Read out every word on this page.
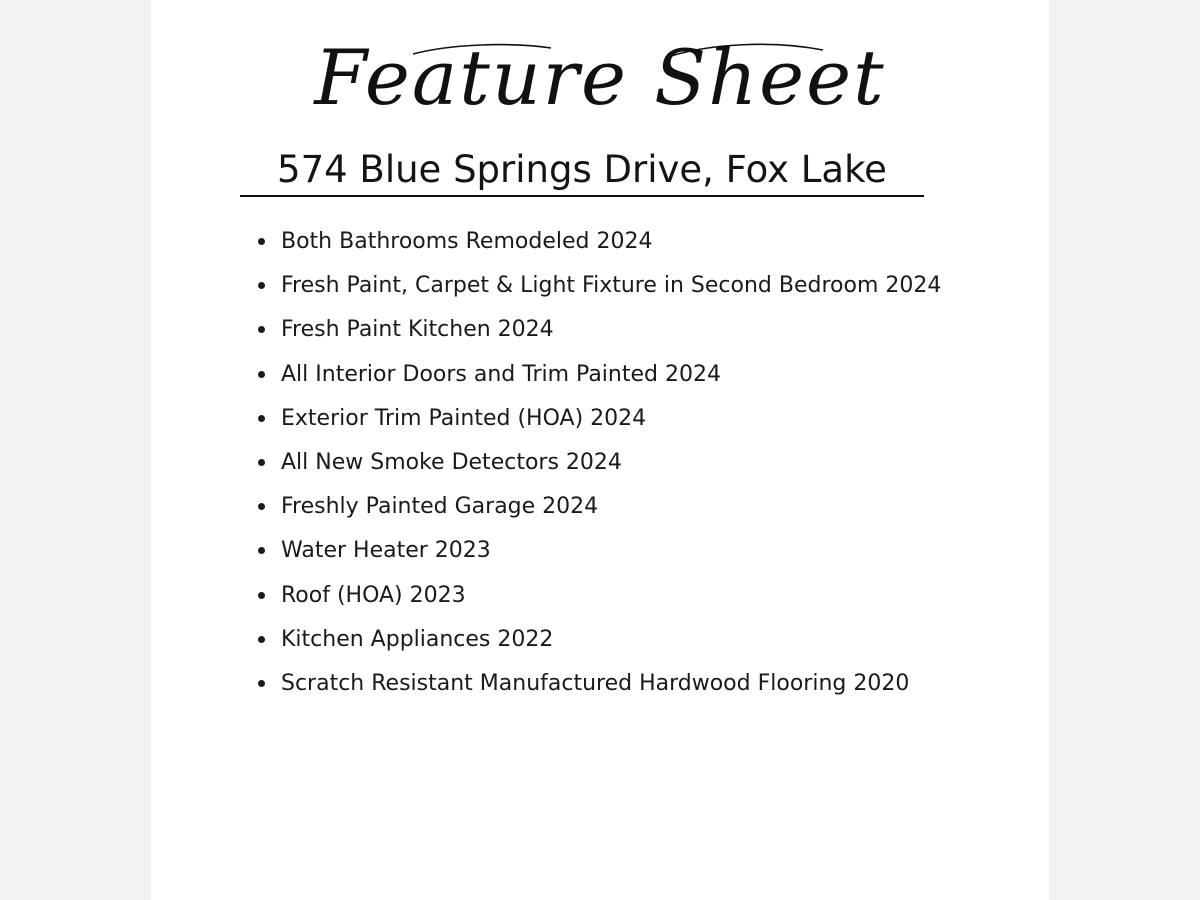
Feature Sheet
574 Blue Springs Drive, Fox Lake
Both Bathrooms Remodeled 2024
Fresh Paint, Carpet & Light Fixture in Second Bedroom 2024
Fresh Paint Kitchen 2024
All Interior Doors and Trim Painted 2024
Exterior Trim Painted (HOA) 2024
All New Smoke Detectors 2024
Freshly Painted Garage 2024
Water Heater 2023
Roof (HOA) 2023
Kitchen Appliances 2022
Scratch Resistant Manufactured Hardwood Flooring 2020
